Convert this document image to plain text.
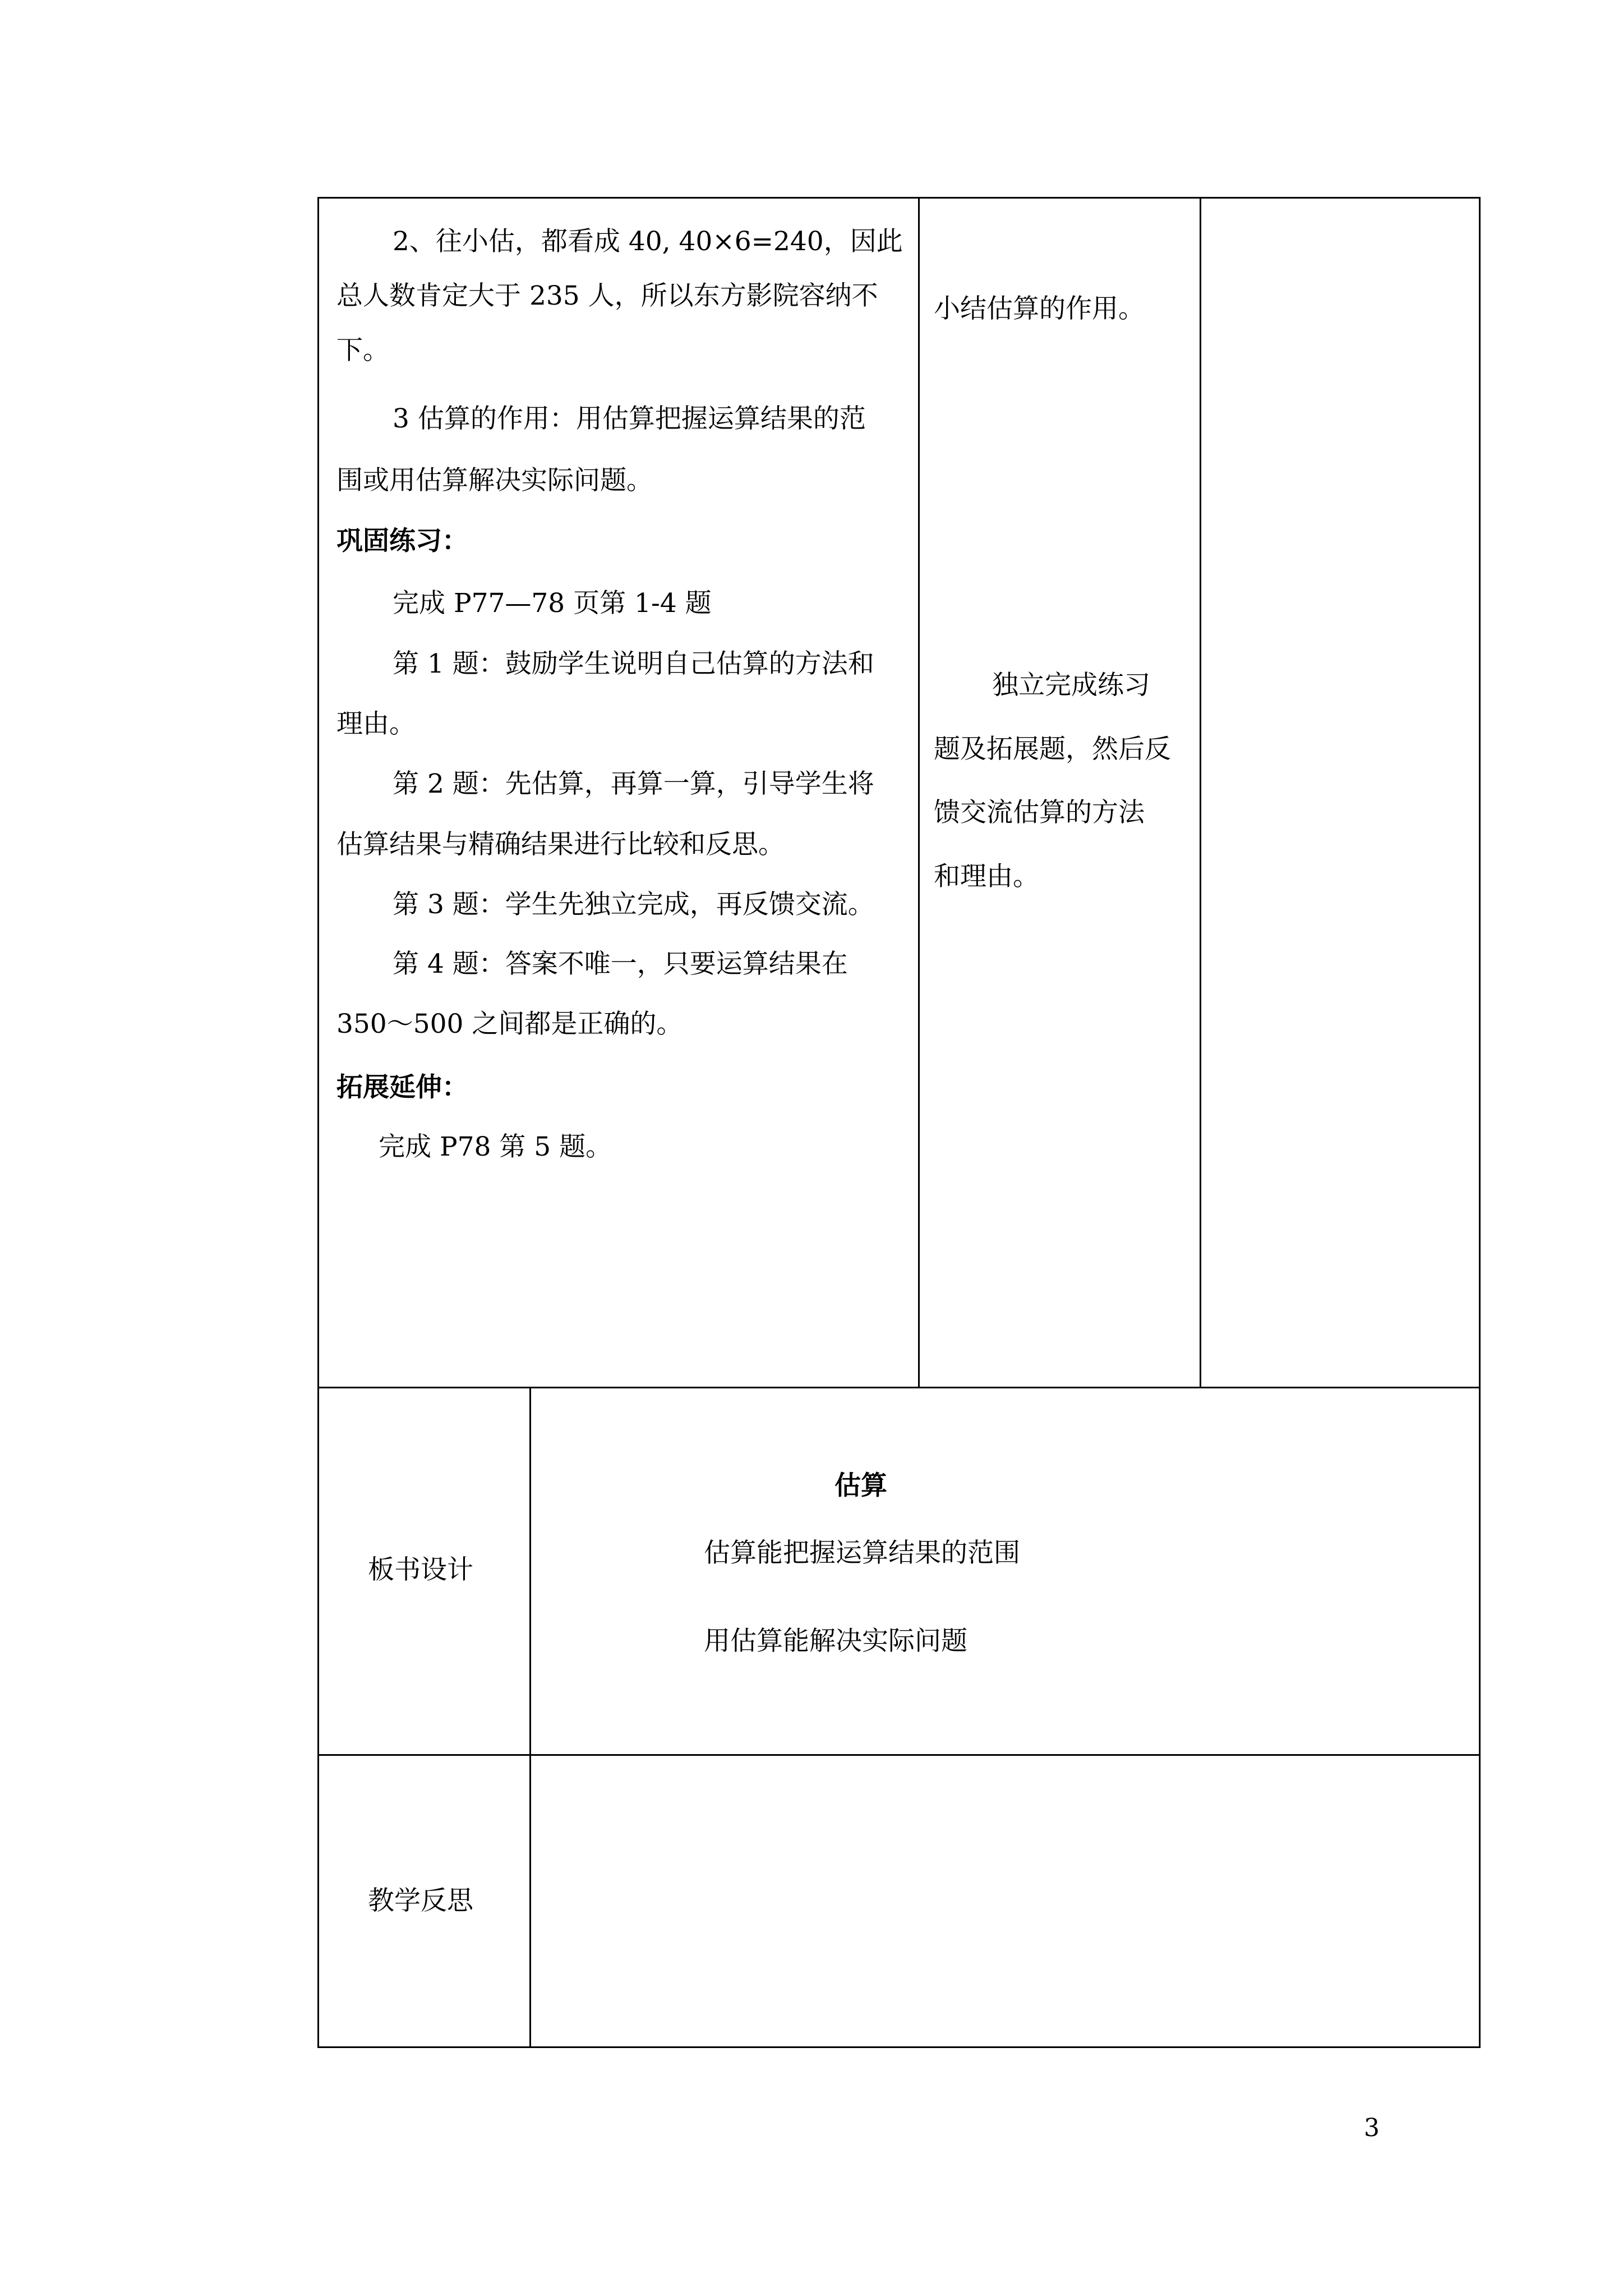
2、往小估，都看成 40, 40×6=240，因此
总人数肯定大于 235 人，所以东方影院容纳不
下。
3 估算的作用：用估算把握运算结果的范
围或用估算解决实际问题。
巩固练习：
完成 P77—78 页第 1-4 题
第 1 题：鼓励学生说明自己估算的方法和
理由。
第 2 题：先估算，再算一算，引导学生将
估算结果与精确结果进行比较和反思。
第 3 题：学生先独立完成，再反馈交流。
第 4 题：答案不唯一，只要运算结果在
350～500 之间都是正确的。
拓展延伸：
完成 P78 第 5 题。
小结估算的作用。
独立完成练习
题及拓展题，然后反
馈交流估算的方法
和理由。
板书设计
估算
估算能把握运算结果的范围
用估算能解决实际问题
教学反思
3
